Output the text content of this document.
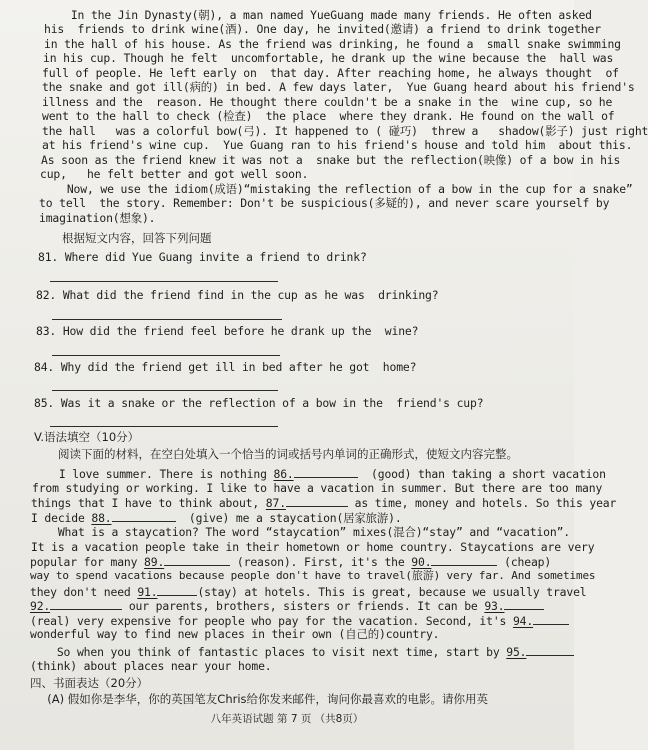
In the Jin Dynasty(朝), a man named YueGuang made many friends. He often asked
his  friends to drink wine(酒). One day, he invited(邀请) a friend to drink together
in the hall of his house. As the friend was drinking, he found a  small snake swimming
in his cup. Though he felt  uncomfortable, he drank up the wine because the  hall was
full of people. He left early on  that day. After reaching home, he always thought  of
the snake and got ill(病的) in bed. A few days later,  Yue Guang heard about his friend's
illness and the  reason. He thought there couldn't be a snake in the  wine cup, so he
went to the hall to check (检查)  the place  where they drank. He found on the wall of
the hall   was a colorful bow(弓). It happened to ( 碰巧)  threw a   shadow(影子) just right
at his friend's wine cup.  Yue Guang ran to his friend's house and told him  about this.
As soon as the friend knew it was not a  snake but the reflection(映像) of a bow in his
cup,   he felt better and got well soon.
Now, we use the idiom(成语)“mistaking the reflection of a bow in the cup for a snake”
to tell  the story. Remember: Don't be suspicious(多疑的), and never scare yourself by
imagination(想象).
根据短文内容，回答下列问题
81. Where did Yue Guang invite a friend to drink?
82. What did the friend find in the cup as he was  drinking?
83. How did the friend feel before he drank up the  wine?
84. Why did the friend get ill in bed after he got  home?
85. Was it a snake or the reflection of a bow in the  friend's cup?
V.语法填空（10分）
阅读下面的材料，在空白处填入一个恰当的词或括号内单词的正确形式，使短文内容完整。
I love summer. There is nothing 86.	(good) than taking a short vacation
from studying or working. I like to have a vacation in summer. But there are too many
things that I have to think about, 87.	as time, money and hotels. So this year
I decide 88.	(give) me a staycation(居家旅游).
What is a staycation? The word “staycation” mixes(混合)“stay” and “vacation”.
It is a vacation people take in their hometown or home country. Staycations are very
popular for many 89.	(reason). First, it's the 90.	(cheap)
way to spend vacations because people don't have to travel(旅游) very far. And sometimes
they don't need 91.	(stay) at hotels. This is great, because we usually travel
92.	our parents, brothers, sisters or friends. It can be 93.
(real) very expensive for people who pay for the vacation. Second, it's 94.
wonderful way to find new places in their own (自己的)country.
So when you think of fantastic places to visit next time, start by 95.
(think) about places near your home.
四、书面表达（20分）
(A) 假如你是李华，你的英国笔友Chris给你发来邮件，询问你最喜欢的电影。请你用英
八年英语试题 第 7 页 （共8页）
